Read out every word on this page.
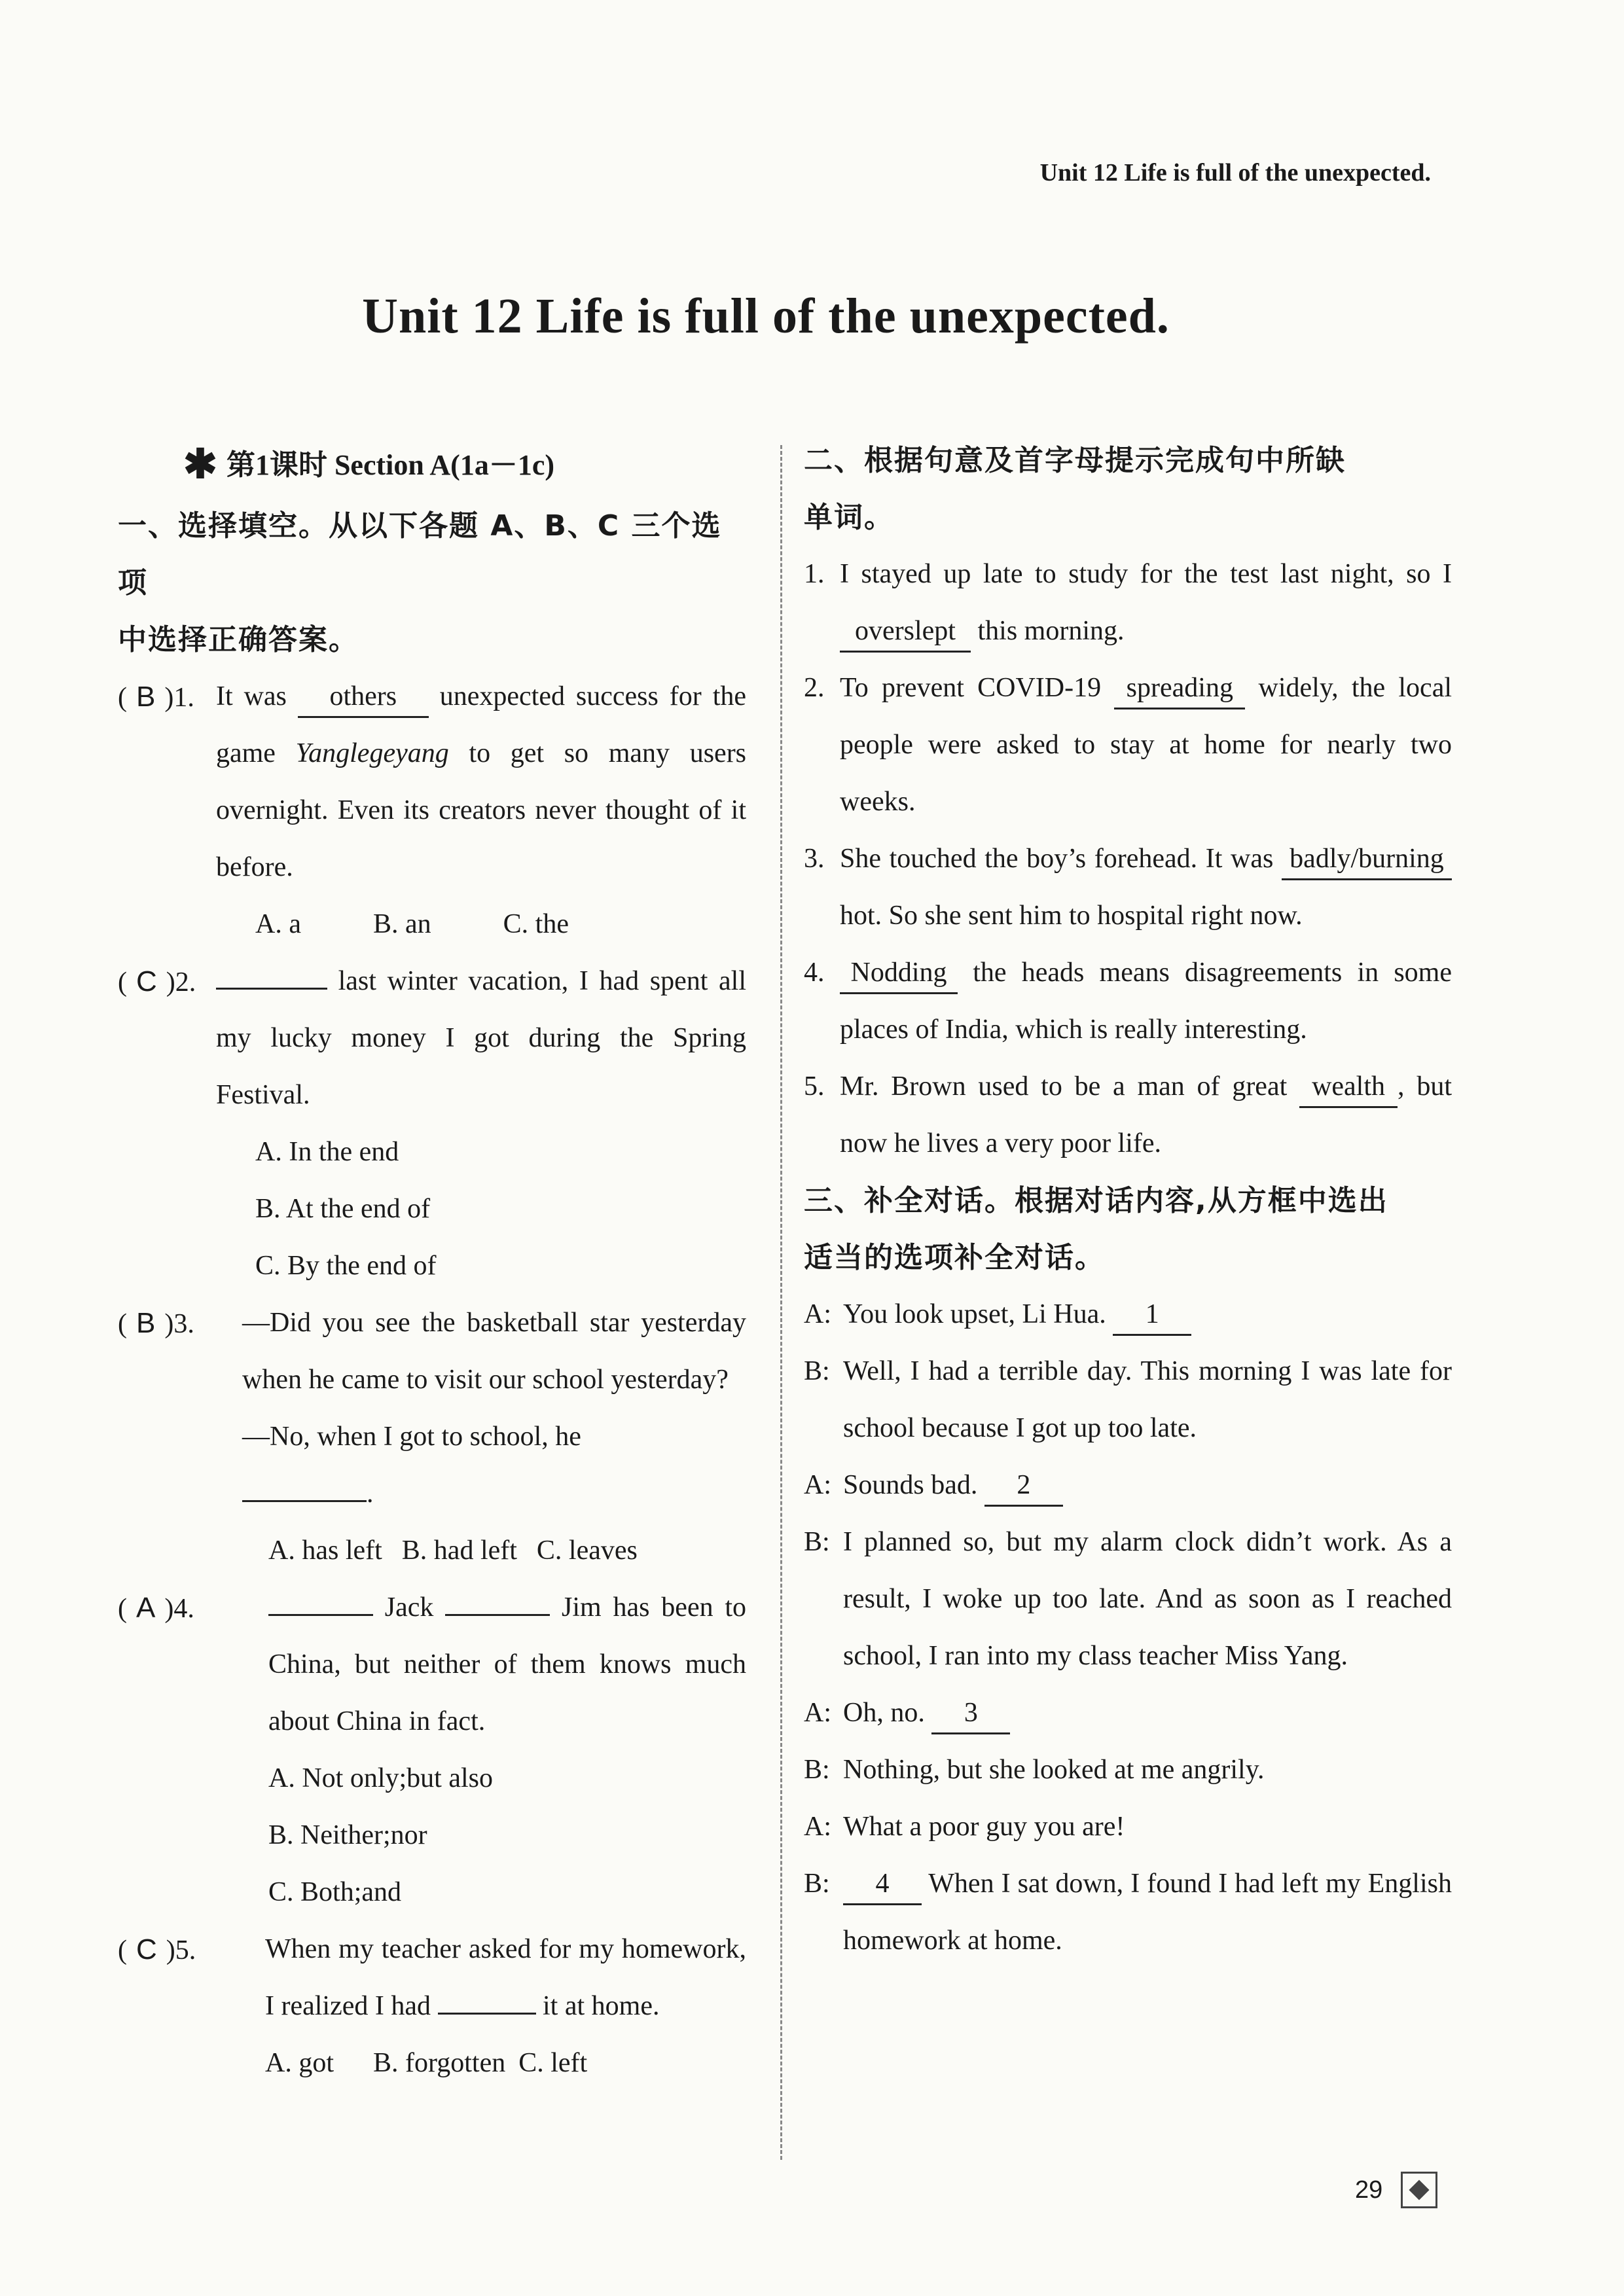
Unit 12 Life is full of the unexpected.
Unit 12 Life is full of the unexpected.
✱ 第1课时 Section A(1a－1c)
一、选择填空。从以下各题 A、B、C 三个选项
中选择正确答案。
( B )1. It was others unexpected success for the game Yanglegeyang to get so many users overnight. Even its creators never thought of it before.
A. a	B. an	C. the
( C )2.	last winter vacation, I had spent all my lucky money I got during the Spring Festival.
A. In the end
B. At the end of
C. By the end of
( B )3.	—Did you see the basketball star yesterday when he came to visit our school yesterday?
—No, when I got to school, he
.
A. has left B. had left C. leaves
( A )4.	Jack	Jim has been to China, but neither of them knows much about China in fact.
A. Not only;but also
B. Neither;nor
C. Both;and
( C )5.	When my teacher asked for my homework, I realized I had	it at home.
A. got B. forgotten C. left
二、根据句意及首字母提示完成句中所缺
单词。
1. I stayed up late to study for the test last night, so I overslept this morning.
2. To prevent COVID-19 spreading widely, the local people were asked to stay at home for nearly two weeks.
3. She touched the boy’s forehead. It was badly/burning hot. So she sent him to hospital right now.
4. Nodding the heads means disagreements in some places of India, which is really interesting.
5. Mr. Brown used to be a man of great wealth , but now he lives a very poor life.
三、补全对话。根据对话内容,从方框中选出
适当的选项补全对话。
A: You look upset, Li Hua. 1
B: Well, I had a terrible day. This morning I was late for school because I got up too late.
A: Sounds bad. 2
B: I planned so, but my alarm clock didn’t work. As a result, I woke up too late. And as soon as I reached school, I ran into my class teacher Miss Yang.
A: Oh, no. 3
B: Nothing, but she looked at me angrily.
A: What a poor guy you are!
B:	4 When I sat down, I found I had left my English homework at home.
29
